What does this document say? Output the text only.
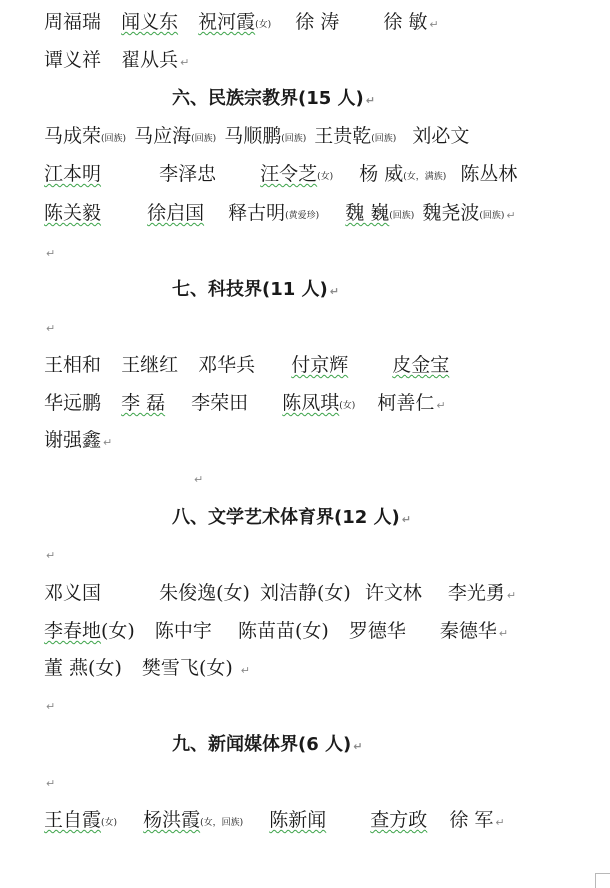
周福瑞 闻义东 祝河霞(女) 徐 涛 徐 敏 ↵
谭义祥 翟从兵 ↵
六、民族宗教界(15 人) ↵
马成荣(回族) 马应海(回族) 马顺鹏(回族) 王贵乾(回族) 刘必文
江本明	李泽忠 汪令芝(女) 杨 威(女，满族) 陈丛林
陈关毅 徐启国 释古明(黄爱珍) 魏 巍(回族) 魏尧波(回族) ↵
↵
七、科技界(11 人) ↵
↵
王相和 王继红 邓华兵 付京辉 皮金宝
华远鹏 李 磊 李荣田 陈凤琪(女) 柯善仁 ↵
谢强鑫 ↵
↵
八、文学艺术体育界(12 人) ↵
↵
邓义国	朱俊逸(女) 刘洁静(女) 许文林 李光勇 ↵
李春地(女) 陈中宇 陈苗苗(女) 罗德华 秦德华 ↵
董 燕(女) 樊雪飞(女) ↵
↵
九、新闻媒体界(6 人) ↵
↵
王自霞(女) 杨洪霞(女，回族) 陈新闻 查方政 徐 军 ↵
